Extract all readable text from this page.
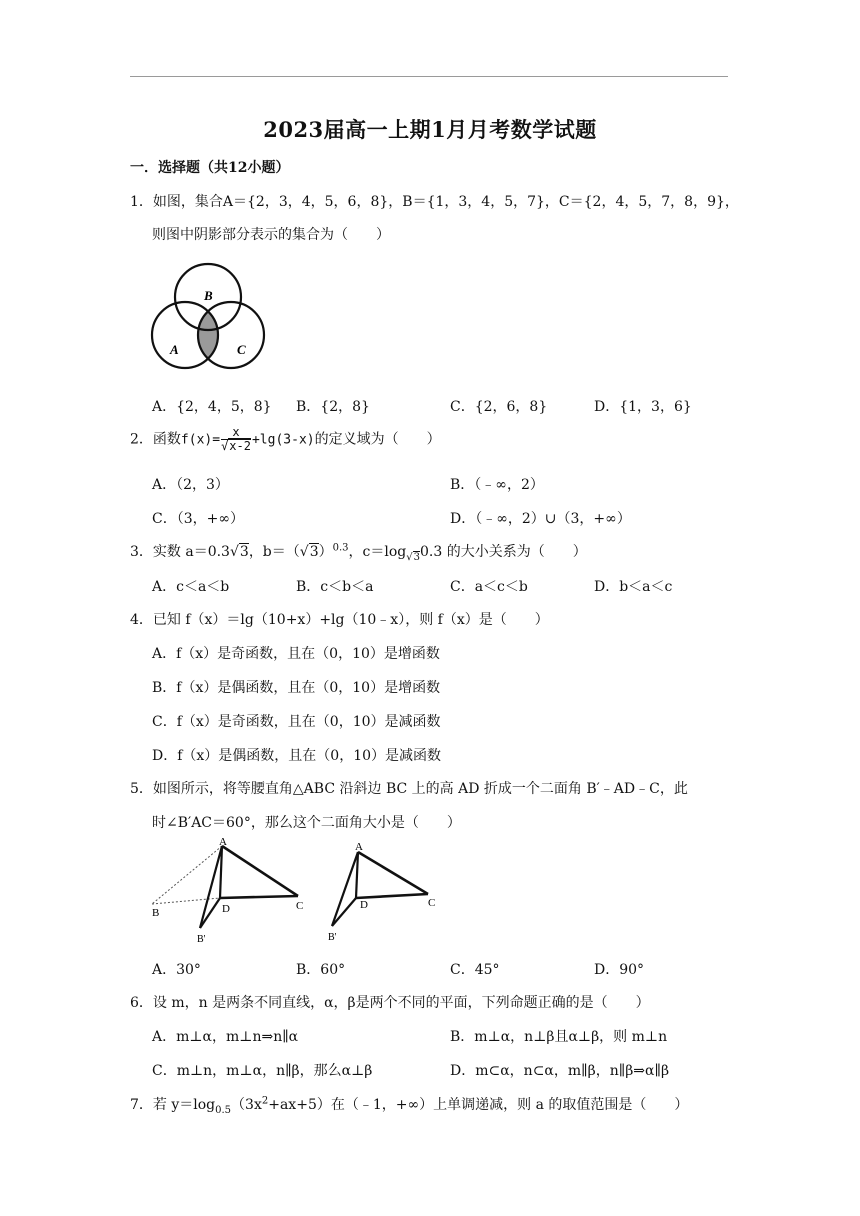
2023届高一上期1月月考数学试题
一．选择题（共12小题）
1．如图，集合A＝{2，3，4，5，6，8}，B＝{1，3，4，5，7}，C＝{2，4，5，7，8，9}，
则图中阴影部分表示的集合为（　　）
B
A	C
A．{2，4，5，8} B．{2，8}	C．{2，6，8}	D．{1，3，6}
2．函数$f(x)= \frac{x}{√x-2} +\lg(3-x)$的定义域为（　　）
A．（2，3）	B．（﹣∞，2）
C．（3，+∞）	D．（﹣∞，2）∪（3，+∞）
3．实数 a＝0.3√3，$b=(√3)^{0.3}$，$c=\log_{√3}0.3$ 的大小关系为（　　）
A．c＜a＜b	B．c＜b＜a	C．a＜c＜b	D．b＜a＜c
4．已知 f（x）＝lg（10+x）+lg（10﹣x），则 f（x）是（　　）
A．f（x）是奇函数，且在（0，10）是增函数
B．f（x）是偶函数，且在（0，10）是增函数
C．f（x）是奇函数，且在（0，10）是减函数
D．f（x）是偶函数，且在（0，10）是减函数
5．如图所示，将等腰直角△ABC 沿斜边 BC 上的高 AD 折成一个二面角 B′﹣AD﹣C，此
时∠B′AC＝60°，那么这个二面角大小是（　　）
A
B	D	C
B'
A
D	C
B'
A．30°	B．60°	C．45°	D．90°
6．设 m，n 是两条不同直线，α，β是两个不同的平面，下列命题正确的是（　　）
A．m⊥α，m⊥n⇒n∥α	B．m⊥α，n⊥β且α⊥β，则 m⊥n
C．m⊥n，m⊥α，n∥β，那么α⊥β	D．m⊂α，n⊂α，m∥β，n∥β⇒α∥β
7．若 $y=\log_{0.5}(3x^2+ax+5)$在（﹣1，+∞）上单调递减，则 a 的取值范围是（　　）
